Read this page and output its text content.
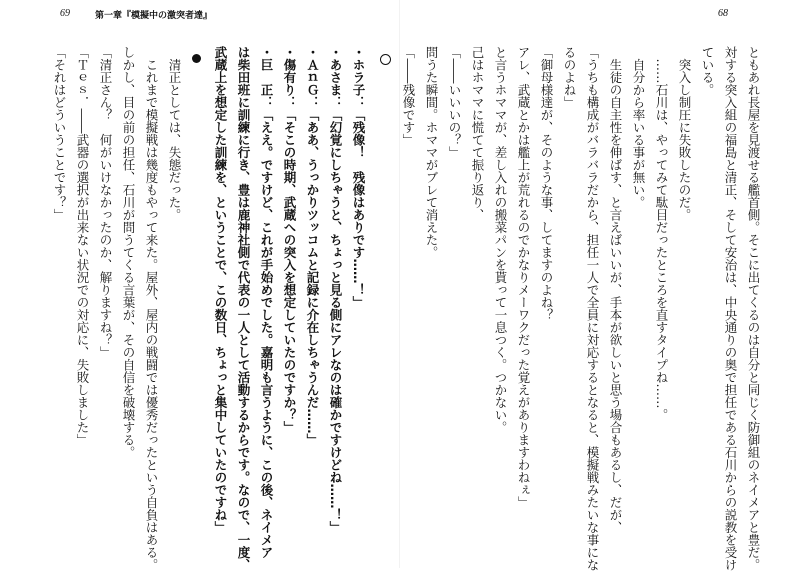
69	第一章『模擬中の激突者達』	68
ともあれ長屋を見渡せる艦首側。そこに出てくるのは自分と同じく防御組のネイメアと豊だ。
対する突入組の福島と清正、そして安治は、中央通りの奥で担任である石川からの説教を受け
ている。
　突入し制圧に失敗したのだ。
　……石川は、やってみて駄目だったところを直すタイプね……。
　自分から率いる事が無い。
　生徒の自主性を伸ばす、と言えばいいが、手本が欲しいと思う場合もあるし、だが、
「うちも構成がバラバラだから、担任一人で全員に対応するとなると、模擬戦みたいな事にな
るのよね」
「御母様達が、そのような事、してますのよね？
アレ、武蔵とかは艦上が荒れるのでかなりメーワクだった覚えがありますわねぇ」
と言うホママが、差し入れの搬菜パンを貰って一息つく。つかない。
己はホママに慌てて振り返り、
「――いいいの？」
問うた瞬間。ホママがブレて消えた。
「――残像です」
・ホラ子：「残像！　残像はありです……！」
・あさま：「幻覚にしちゃうと、ちょっと見る側にアレなのは確かですけどね……！」
・ＡｎＧ：「ああ、うっかりツッコムと記録に介在しちゃうんだ……」
・傷有り：「そこの時期、武蔵への突入を想定していたのですか？」
・巨　正：「ええ。ですけど、これが手始めでした。嘉明も言うように、この後、ネイメア
は柴田班に訓練に行き、豊は鹿神社側で代表の一人として活動するからです。なので、一度、
武蔵上を想定した訓練を、ということで、この数日、ちょっと集中していたのですね」
　清正としては、失態だった。
　これまで模擬戦は幾度もやって来た。屋外、屋内の戦闘では優秀だったという自負はある。
しかし、目の前の担任、石川が問うてくる言葉が、その自信を破壊する。
「清正さん？　何がいけなかったのか、解りますね？」
「Ｔｅｓ．――武器の選択が出来ない状況での対応に、失敗しました」
「それはどういうことです？」
